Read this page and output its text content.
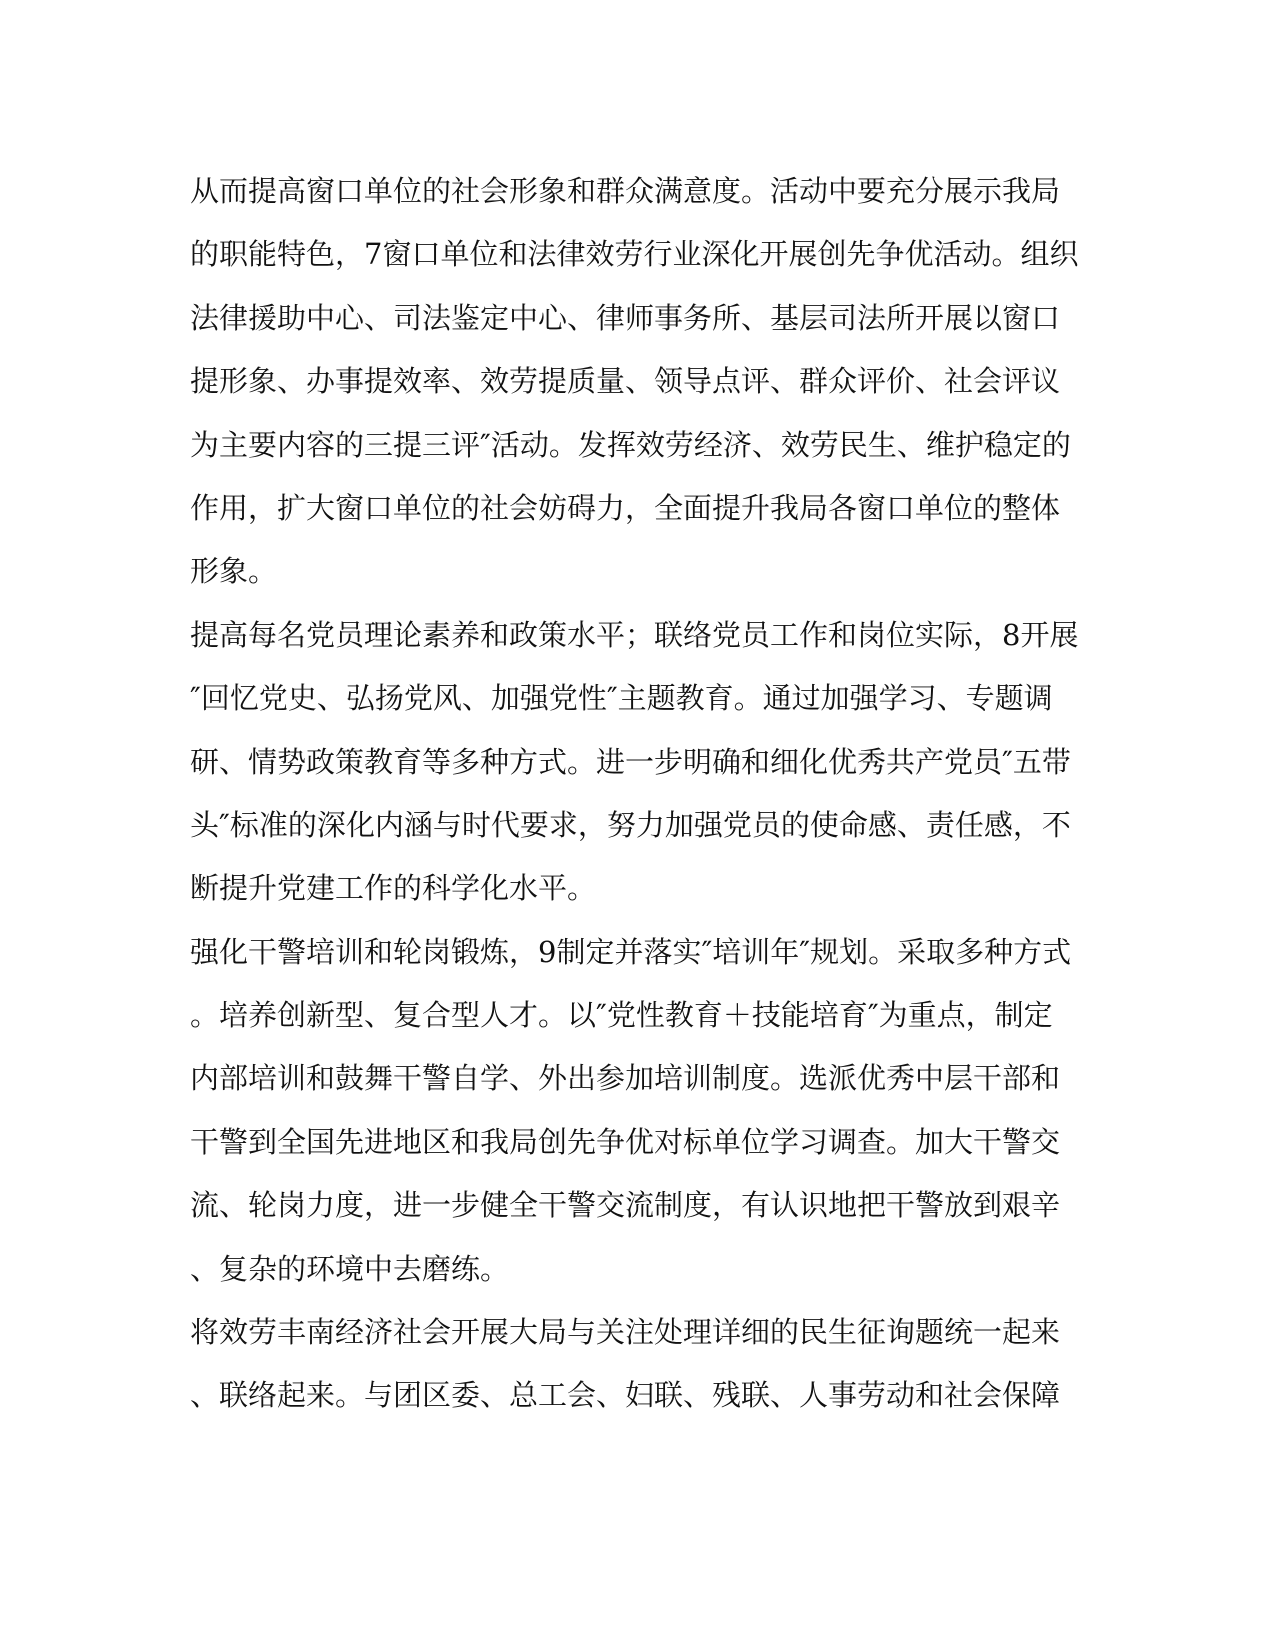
从而提高窗口单位的社会形象和群众满意度。活动中要充分展示我局
的职能特色，7窗口单位和法律效劳行业深化开展创先争优活动。组织
法律援助中心、司法鉴定中心、律师事务所、基层司法所开展以窗口
提形象、办事提效率、效劳提质量、领导点评、群众评价、社会评议
为主要内容的三提三评″活动。发挥效劳经济、效劳民生、维护稳定的
作用，扩大窗口单位的社会妨碍力，全面提升我局各窗口单位的整体
形象。
提高每名党员理论素养和政策水平；联络党员工作和岗位实际，8开展
″回忆党史、弘扬党风、加强党性″主题教育。通过加强学习、专题调
研、情势政策教育等多种方式。进一步明确和细化优秀共产党员″五带
头″标准的深化内涵与时代要求，努力加强党员的使命感、责任感，不
断提升党建工作的科学化水平。
强化干警培训和轮岗锻炼，9制定并落实″培训年″规划。采取多种方式
。培养创新型、复合型人才。以″党性教育＋技能培育″为重点，制定
内部培训和鼓舞干警自学、外出参加培训制度。选派优秀中层干部和
干警到全国先进地区和我局创先争优对标单位学习调查。加大干警交
流、轮岗力度，进一步健全干警交流制度，有认识地把干警放到艰辛
、复杂的环境中去磨练。
将效劳丰南经济社会开展大局与关注处理详细的民生征询题统一起来
、联络起来。与团区委、总工会、妇联、残联、人事劳动和社会保障
